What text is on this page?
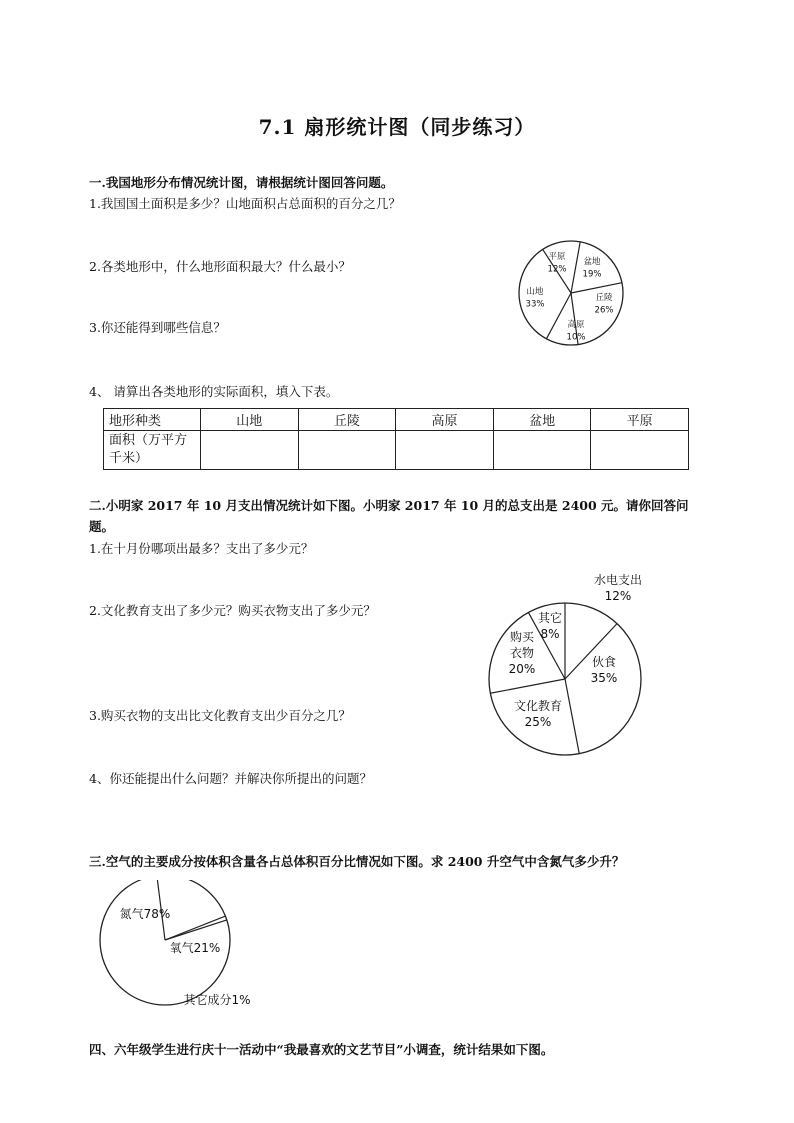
7.1 扇形统计图（同步练习）
一.我国地形分布情况统计图，请根据统计图回答问题。
1.我国国土面积是多少？山地面积占总面积的百分之几？
2.各类地形中，什么地形面积最大？什么最小？
3.你还能得到哪些信息？
4、 请算出各类地形的实际面积，填入下表。
平原
12%
盆地
19%
丘陵
26%
高原
10%
山地
33%
地形种类	山地	丘陵	高原	盆地	平原
面积（万平方千米）					
二.小明家 2017 年 10 月支出情况统计如下图。小明家 2017 年 10 月的总支出是 2400 元。请你回答问题。
1.在十月份哪项出最多？支出了多少元？
2.文化教育支出了多少元？购买衣物支出了多少元？
3.购买衣物的支出比文化教育支出少百分之几？
4、你还能提出什么问题？并解决你所提出的问题？
水电支出
12%
伙食
35%
文化教育
25%
购买
衣物
20%
其它
8%
三.空气的主要成分按体积含量各占总体积百分比情况如下图。求 2400 升空气中含氮气多少升？
氮气78%
氧气21%
其它成分1%
四、六年级学生进行庆十一活动中“我最喜欢的文艺节目”小调查，统计结果如下图。
